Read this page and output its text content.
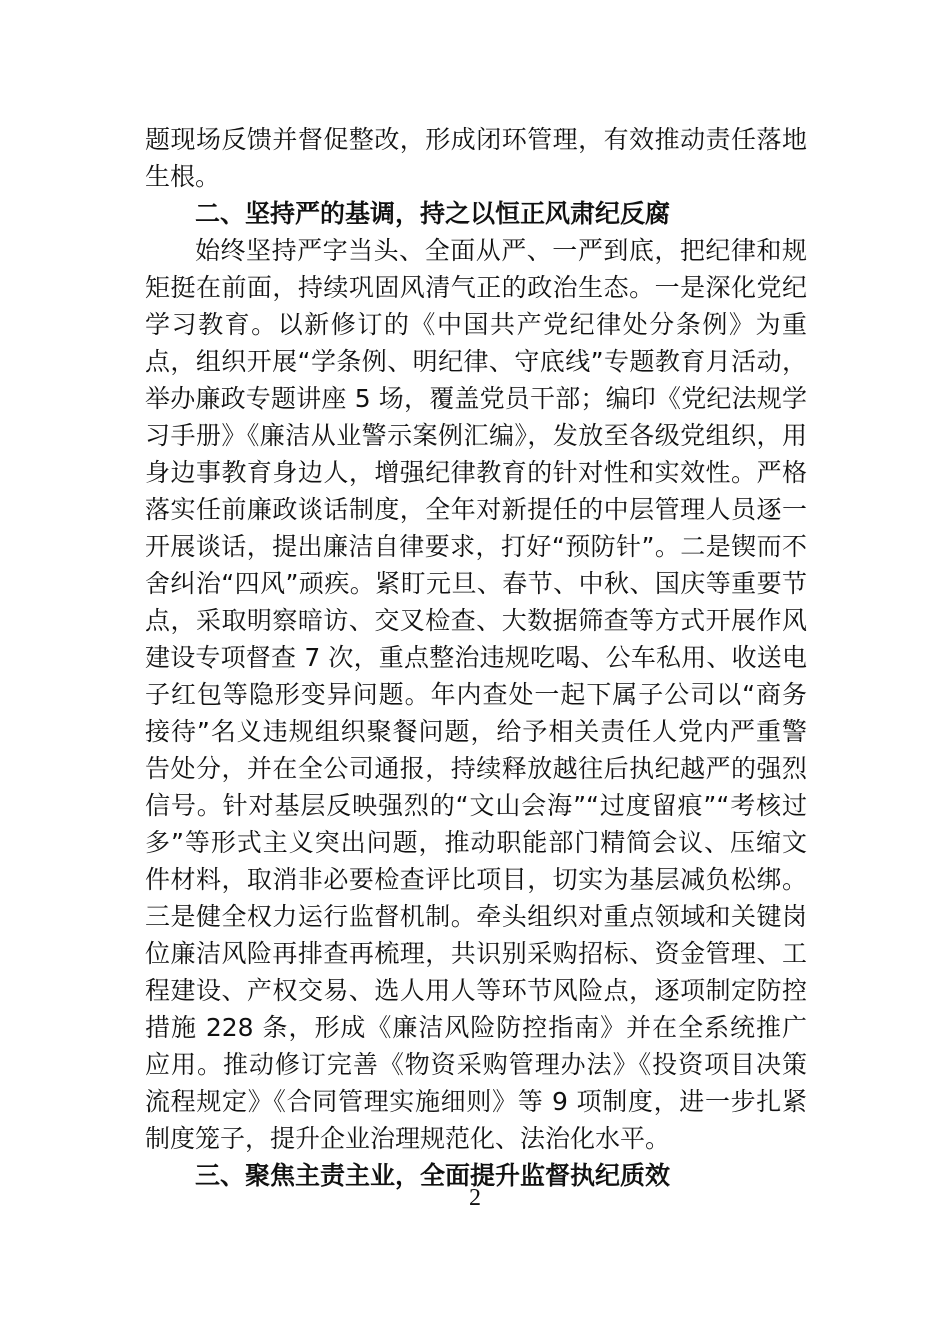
题现场反馈并督促整改，形成闭环管理，有效推动责任落地生根。

二、坚持严的基调，持之以恒正风肃纪反腐

始终坚持严字当头、全面从严、一严到底，把纪律和规矩挺在前面，持续巩固风清气正的政治生态。一是深化党纪学习教育。以新修订的《中国共产党纪律处分条例》为重点，组织开展“学条例、明纪律、守底线”专题教育月活动，举办廉政专题讲座 5 场，覆盖党员干部；编印《党纪法规学习手册》《廉洁从业警示案例汇编》，发放至各级党组织，用身边事教育身边人，增强纪律教育的针对性和实效性。严格落实任前廉政谈话制度，全年对新提任的中层管理人员逐一开展谈话，提出廉洁自律要求，打好“预防针”。二是锲而不舍纠治“四风”顽疾。紧盯元旦、春节、中秋、国庆等重要节点，采取明察暗访、交叉检查、大数据筛查等方式开展作风建设专项督查 7 次，重点整治违规吃喝、公车私用、收送电子红包等隐形变异问题。年内查处一起下属子公司以“商务接待”名义违规组织聚餐问题，给予相关责任人党内严重警告处分，并在全公司通报，持续释放越往后执纪越严的强烈信号。针对基层反映强烈的“文山会海”“过度留痕”“考核过多”等形式主义突出问题，推动职能部门精简会议、压缩文件材料，取消非必要检查评比项目，切实为基层减负松绑。三是健全权力运行监督机制。牵头组织对重点领域和关键岗位廉洁风险再排查再梳理，共识别采购招标、资金管理、工程建设、产权交易、选人用人等环节风险点，逐项制定防控措施 228 条，形成《廉洁风险防控指南》并在全系统推广应用。推动修订完善《物资采购管理办法》《投资项目决策流程规定》《合同管理实施细则》等 9 项制度，进一步扎紧制度笼子，提升企业治理规范化、法治化水平。

三、聚焦主责主业，全面提升监督执纪质效

2
